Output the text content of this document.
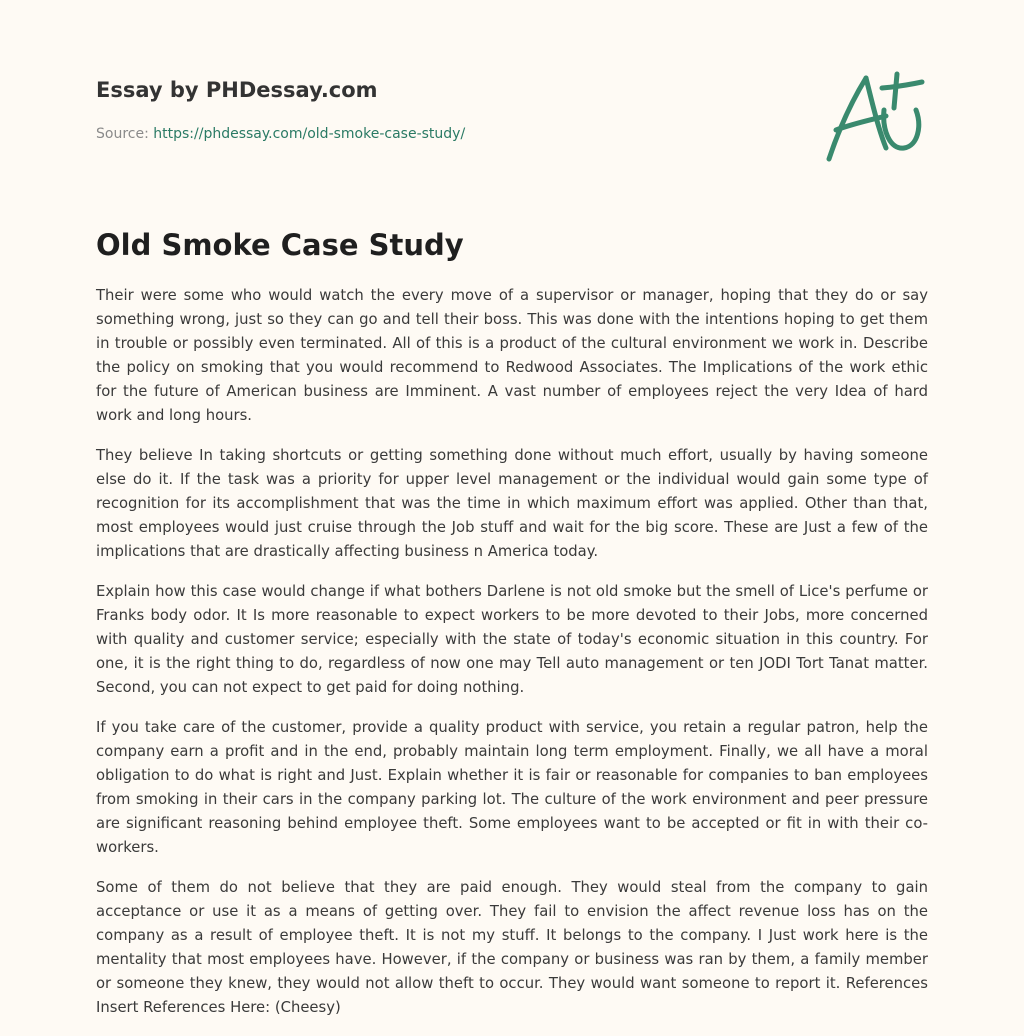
Essay by PHDessay.com

Source: https://phdessay.com/old-smoke-case-study/
Old Smoke Case Study

Their were some who would watch the every move of a supervisor or manager, hoping that they do or say something wrong, just so they can go and tell their boss. This was done with the intentions hoping to get them in trouble or possibly even terminated. All of this is a product of the cultural environment we work in. Describe the policy on smoking that you would recommend to Redwood Associates. The Implications of the work ethic for the future of American business are Imminent. A vast number of employees reject the very Idea of hard work and long hours.

They believe In taking shortcuts or getting something done without much effort, usually by having someone else do it. If the task was a priority for upper level management or the individual would gain some type of recognition for its accomplishment that was the time in which maximum effort was applied. Other than that, most employees would just cruise through the Job stuff and wait for the big score. These are Just a few of the implications that are drastically affecting business n America today.

Explain how this case would change if what bothers Darlene is not old smoke but the smell of Lice's perfume or Franks body odor. It Is more reasonable to expect workers to be more devoted to their Jobs, more concerned with quality and customer service; especially with the state of today's economic situation in this country. For one, it is the right thing to do, regardless of now one may Tell auto management or ten JODI Tort Tanat matter. Second, you can not expect to get paid for doing nothing.

If you take care of the customer, provide a quality product with service, you retain a regular patron, help the company earn a profit and in the end, probably maintain long term employment. Finally, we all have a moral obligation to do what is right and Just. Explain whether it is fair or reasonable for companies to ban employees from smoking in their cars in the company parking lot. The culture of the work environment and peer pressure are significant reasoning behind employee theft. Some employees want to be accepted or fit in with their co-workers.

Some of them do not believe that they are paid enough. They would steal from the company to gain acceptance or use it as a means of getting over. They fail to envision the affect revenue loss has on the company as a result of employee theft. It is not my stuff. It belongs to the company. I Just work here is the mentality that most employees have. However, if the company or business was ran by them, a family member or someone they knew, they would not allow theft to occur. They would want someone to report it. References Insert References Here: (Cheesy)
